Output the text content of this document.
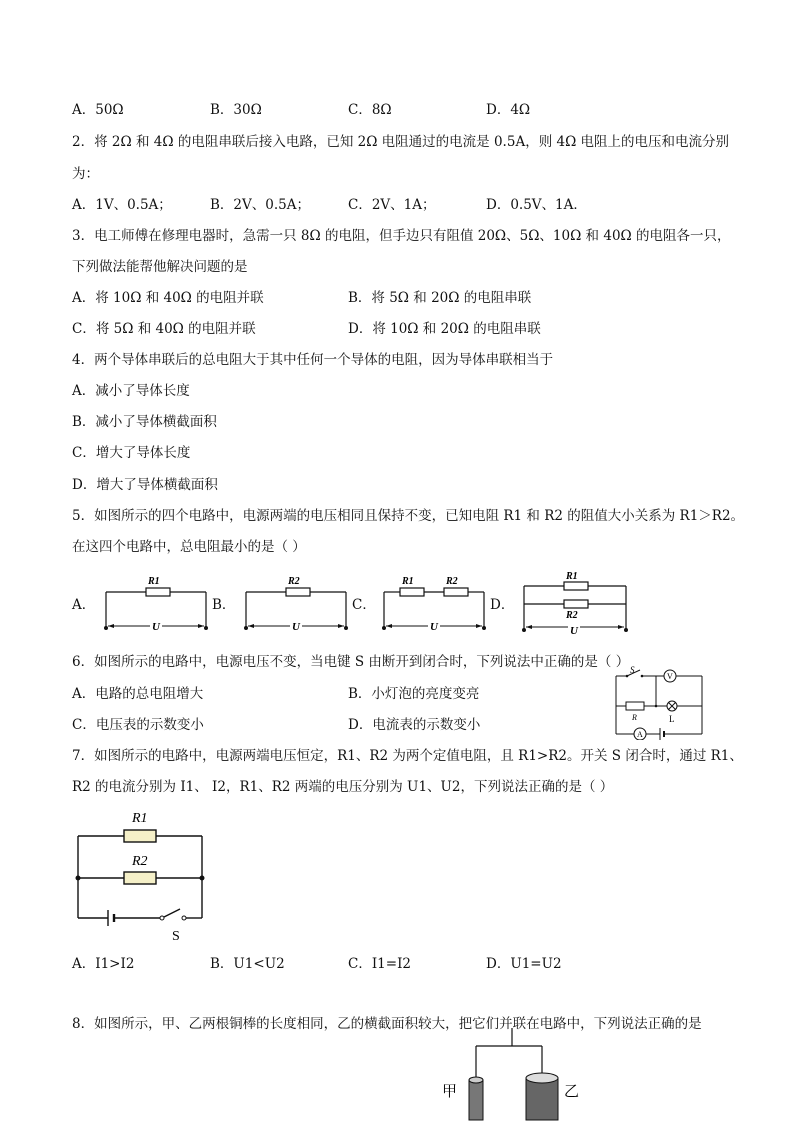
A．50Ω	B．30Ω	C．8Ω	D．4Ω
2．将 2Ω 和 4Ω 的电阻串联后接入电路，已知 2Ω 电阻通过的电流是 0.5A，则 4Ω 电阻上的电压和电流分别
为：
A．1V、0.5A；	B．2V、0.5A；	C．2V、1A；	D．0.5V、1A．
3．电工师傅在修理电器时，急需一只 8Ω 的电阻，但手边只有阻值 20Ω、5Ω、10Ω 和 40Ω 的电阻各一只，
下列做法能帮他解决问题的是
A．将 10Ω 和 40Ω 的电阻并联	B．将 5Ω 和 20Ω 的电阻串联
C．将 5Ω 和 40Ω 的电阻并联	D．将 10Ω 和 20Ω 的电阻串联
4．两个导体串联后的总电阻大于其中任何一个导体的电阻，因为导体串联相当于
A．减小了导体长度
B．减小了导体横截面积
C．增大了导体长度
D．增大了导体横截面积
5．如图所示的四个电路中，电源两端的电压相同且保持不变，已知电阻 R1 和 R2 的阻值大小关系为 R1＞R2。
在这四个电路中，总电阻最小的是（ ）
A．
R1
U
B．
R2
U
C．
R1	R2
U
D．
R1
R2
U
6．如图所示的电路中，电源电压不变，当电键 S 由断开到闭合时，下列说法中正确的是（ ）
A．电路的总电阻增大	B．小灯泡的亮度变亮
C．电压表的示数变小	D．电流表的示数变小
S
V
R	L
A
7．如图所示的电路中，电源两端电压恒定，R1、R2 为两个定值电阻，且 R1>R2。开关 S 闭合时，通过 R1、
R2 的电流分别为 I1、 I2，R1、R2 两端的电压分别为 U1、U2，下列说法正确的是（ ）
R1
R2
S
A．I1>I2	B．U1<U2	C．I1=I2	D．U1=U2
8．如图所示，甲、乙两根铜棒的长度相同，乙的横截面积较大，把它们并联在电路中，下列说法正确的是
甲	乙
